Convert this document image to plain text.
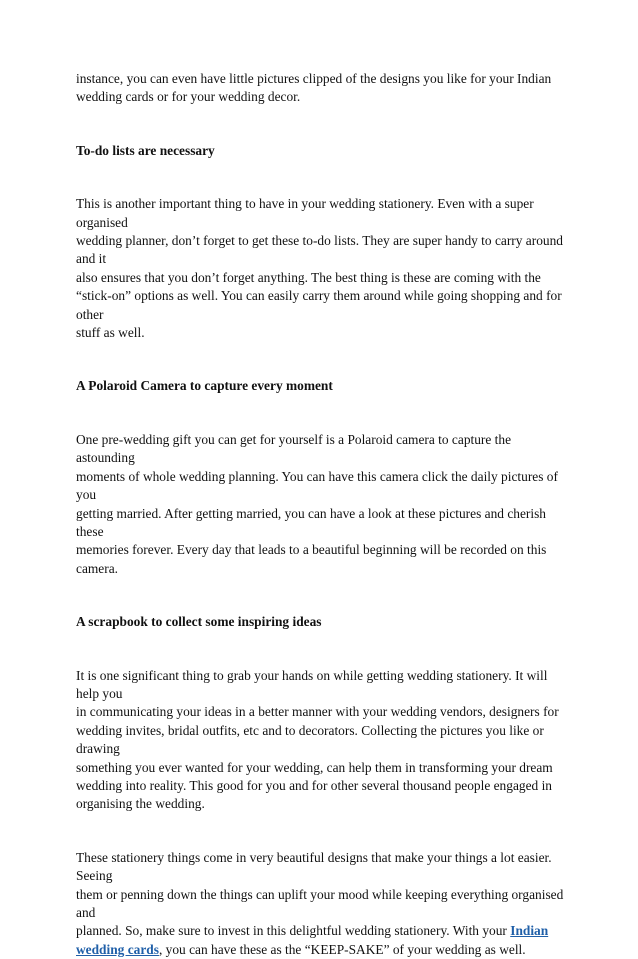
instance, you can even have little pictures clipped of the designs you like for your Indian
wedding cards or for your wedding decor.

To-do lists are necessary

This is another important thing to have in your wedding stationery. Even with a super organised
wedding planner, don’t forget to get these to-do lists. They are super handy to carry around and it
also ensures that you don’t forget anything. The best thing is these are coming with the
“stick-on” options as well. You can easily carry them around while going shopping and for other
stuff as well.

A Polaroid Camera to capture every moment

One pre-wedding gift you can get for yourself is a Polaroid camera to capture the astounding
moments of whole wedding planning. You can have this camera click the daily pictures of you
getting married. After getting married, you can have a look at these pictures and cherish these
memories forever. Every day that leads to a beautiful beginning will be recorded on this camera.

A scrapbook to collect some inspiring ideas

It is one significant thing to grab your hands on while getting wedding stationery. It will help you
in communicating your ideas in a better manner with your wedding vendors, designers for
wedding invites, bridal outfits, etc and to decorators. Collecting the pictures you like or drawing
something you ever wanted for your wedding, can help them in transforming your dream
wedding into reality. This good for you and for other several thousand people engaged in
organising the wedding.

These stationery things come in very beautiful designs that make your things a lot easier. Seeing
them or penning down the things can uplift your mood while keeping everything organised and
planned. So, make sure to invest in this delightful wedding stationery. With your Indian
wedding cards, you can have these as the “KEEP-SAKE” of your wedding as well.
